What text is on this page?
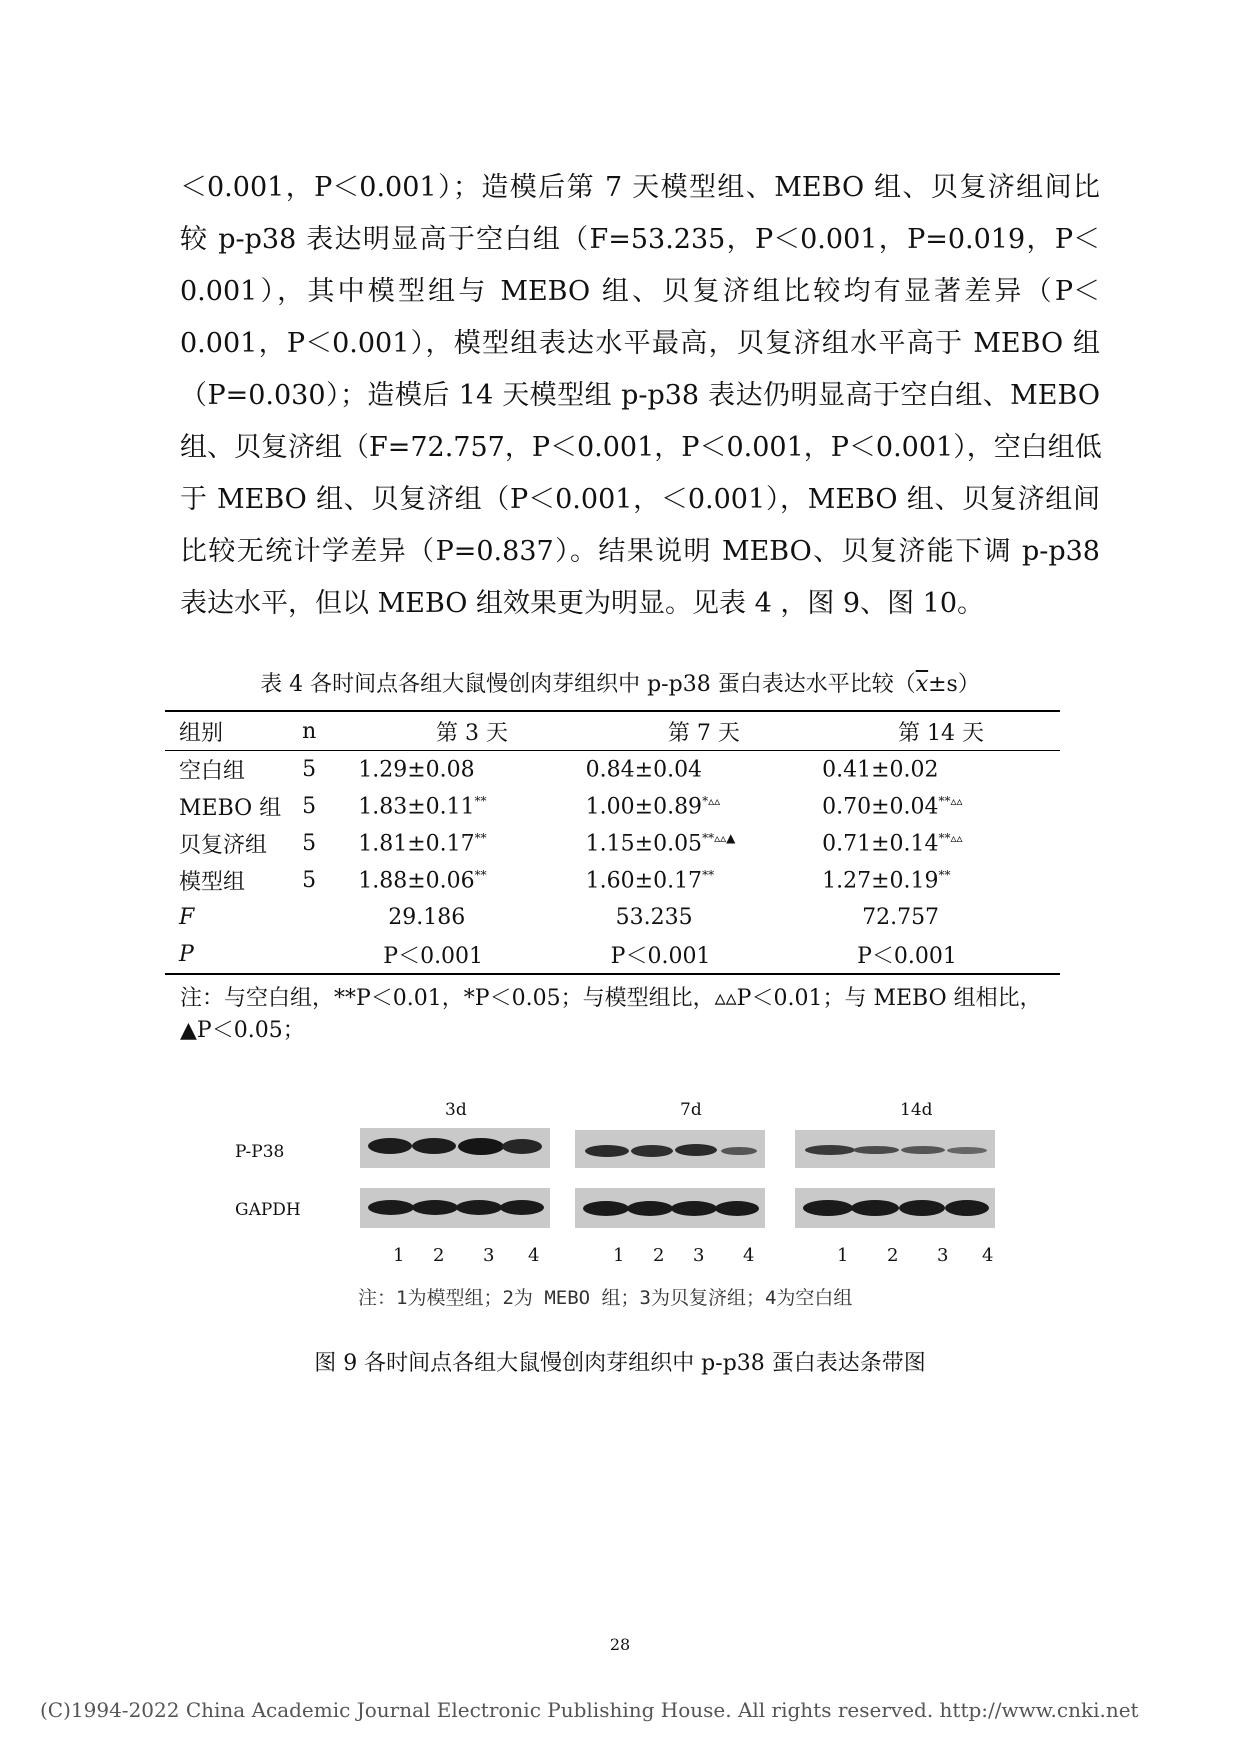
＜0.001，P＜0.001）；造模后第 7 天模型组、MEBO 组、贝复济组间比
较 p-p38 表达明显高于空白组（F=53.235，P＜0.001，P=0.019，P＜
0.001），其中模型组与 MEBO 组、贝复济组比较均有显著差异（P＜
0.001，P＜0.001），模型组表达水平最高，贝复济组水平高于 MEBO 组
（P=0.030）；造模后 14 天模型组 p-p38 表达仍明显高于空白组、MEBO
组、贝复济组（F=72.757，P＜0.001，P＜0.001，P＜0.001），空白组低
于 MEBO 组、贝复济组（P＜0.001，＜0.001），MEBO 组、贝复济组间
比较无统计学差异（P=0.837）。结果说明 MEBO、贝复济能下调 p-p38
表达水平，但以 MEBO 组效果更为明显。见表 4 ，图 9、图 10。
表 4 各时间点各组大鼠慢创肉芽组织中 p-p38 蛋白表达水平比较$(\overline{x}\pm s)$
组别	n	第 3 天	第 7 天	第 14 天
空白组	5	1.29±0.08	0.84±0.04	0.41±0.02
MEBO 组	5	1.83±0.11**	1.00±0.89*▵▵	0.70±0.04**▵▵
贝复济组	5	1.81±0.17**	1.15±0.05**▵▵▲	0.71±0.14**▵▵
模型组	5	1.88±0.06**	1.60±0.17**	1.27±0.19**
F		29.186	53.235	72.757
P		P＜0.001	P＜0.001	P＜0.001
注：与空白组，**P＜0.01，*P＜0.05；与模型组比，▵▵P＜0.01；与 MEBO 组相比，
▲P＜0.05；
3d	7d	14d
P-P38
GAPDH
1 2 3 4	1 2 3 4	1 2 3 4
注：1为模型组；2为 MEBO 组；3为贝复济组；4为空白组
图 9 各时间点各组大鼠慢创肉芽组织中 p-p38 蛋白表达条带图
28
(C)1994-2022 China Academic Journal Electronic Publishing House. All rights reserved. http://www.cnki.net
